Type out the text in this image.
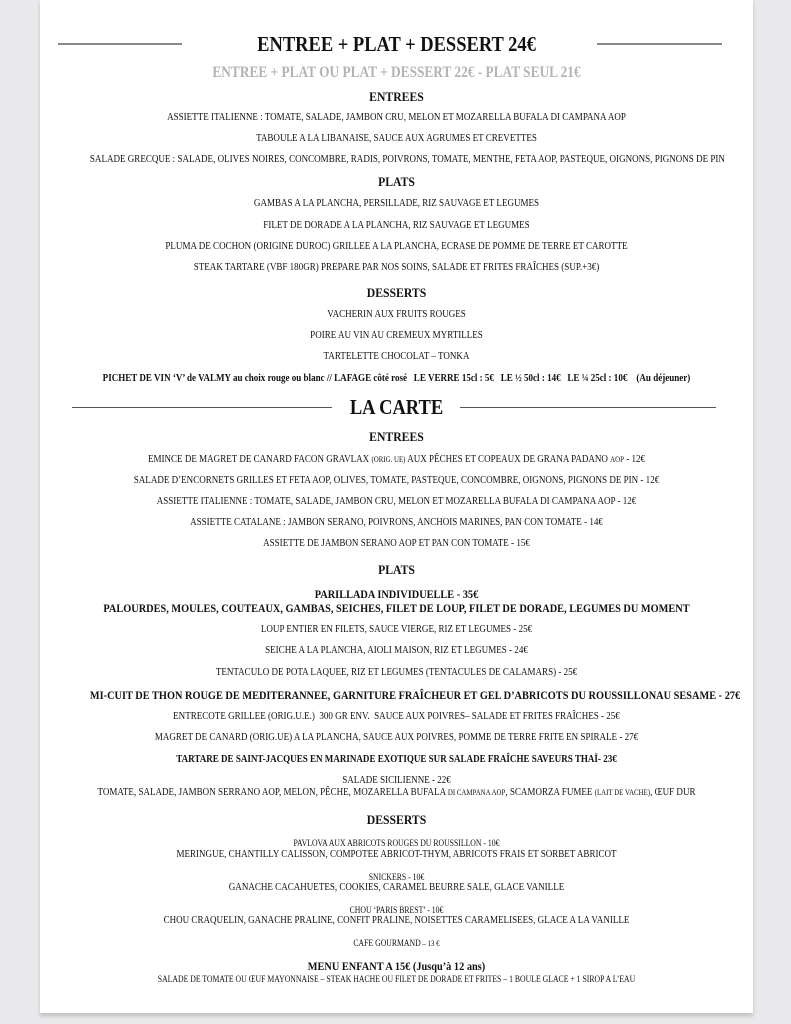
ENTREE + PLAT + DESSERT 24€
ENTREE + PLAT OU PLAT + DESSERT 22€ - PLAT SEUL 21€
ENTREES
ASSIETTE ITALIENNE : TOMATE, SALADE, JAMBON CRU, MELON ET MOZARELLA BUFALA DI CAMPANA AOP
TABOULE A LA LIBANAISE, SAUCE AUX AGRUMES ET CREVETTES
SALADE GRECQUE : SALADE, OLIVES NOIRES, CONCOMBRE, RADIS, POIVRONS, TOMATE, MENTHE, FETA AOP, PASTEQUE, OIGNONS, PIGNONS DE PIN
PLATS
GAMBAS A LA PLANCHA, PERSILLADE, RIZ SAUVAGE ET LEGUMES
FILET DE DORADE A LA PLANCHA, RIZ SAUVAGE ET LEGUMES
PLUMA DE COCHON (ORIGINE DUROC) GRILLEE A LA PLANCHA, ECRASE DE POMME DE TERRE ET CAROTTE
STEAK TARTARE (VBF 180GR) PREPARE PAR NOS SOINS, SALADE ET FRITES FRAÎCHES (SUP.+3€)
DESSERTS
VACHERIN AUX FRUITS ROUGES
POIRE AU VIN AU CREMEUX MYRTILLES
TARTELETTE CHOCOLAT – TONKA
PICHET DE VIN ‘V’ de VALMY au choix rouge ou blanc // LAFAGE côté rosé   LE VERRE 15cl : 5€   LE ½ 50cl : 14€   LE ¼ 25cl : 10€    (Au déjeuner)
LA CARTE
ENTREES
EMINCE DE MAGRET DE CANARD FACON GRAVLAX (ORIG. UE) AUX PÊCHES ET COPEAUX DE GRANA PADANO AOP - 12€
SALADE D’ENCORNETS GRILLES ET FETA AOP, OLIVES, TOMATE, PASTEQUE, CONCOMBRE, OIGNONS, PIGNONS DE PIN - 12€
ASSIETTE ITALIENNE : TOMATE, SALADE, JAMBON CRU, MELON ET MOZARELLA BUFALA DI CAMPANA AOP - 12€
ASSIETTE CATALANE : JAMBON SERANO, POIVRONS, ANCHOIS MARINES, PAN CON TOMATE - 14€
ASSIETTE DE JAMBON SERANO AOP ET PAN CON TOMATE - 15€
PLATS
PARILLADA INDIVIDUELLE - 35€
PALOURDES, MOULES, COUTEAUX, GAMBAS, SEICHES, FILET DE LOUP, FILET DE DORADE, LEGUMES DU MOMENT
LOUP ENTIER EN FILETS, SAUCE VIERGE, RIZ ET LEGUMES - 25€
SEICHE A LA PLANCHA, AIOLI MAISON, RIZ ET LEGUMES - 24€
TENTACULO DE POTA LAQUEE, RIZ ET LEGUMES (TENTACULES DE CALAMARS) - 25€
MI-CUIT DE THON ROUGE DE MEDITERANNEE, GARNITURE FRAÎCHEUR ET GEL D’ABRICOTS DU ROUSSILLONAU SESAME - 27€
ENTRECOTE GRILLEE (ORIG.U.E.)  300 GR ENV.  SAUCE AUX POIVRES– SALADE ET FRITES FRAÎCHES - 25€
MAGRET DE CANARD (ORIG.UE) A LA PLANCHA, SAUCE AUX POIVRES, POMME DE TERRE FRITE EN SPIRALE - 27€
TARTARE DE SAINT-JACQUES EN MARINADE EXOTIQUE SUR SALADE FRAÎCHE SAVEURS THAÏ- 23€
SALADE SICILIENNE - 22€
TOMATE, SALADE, JAMBON SERRANO AOP, MELON, PÊCHE, MOZARELLA BUFALA DI CAMPANA AOP, SCAMORZA FUMEE (LAIT DE VACHE), ŒUF DUR
DESSERTS
PAVLOVA AUX ABRICOTS ROUGES DU ROUSSILLON - 10€
MERINGUE, CHANTILLY CALISSON, COMPOTEE ABRICOT-THYM, ABRICOTS FRAIS ET SORBET ABRICOT
SNICKERS - 10€
GANACHE CACAHUETES, COOKIES, CARAMEL BEURRE SALE, GLACE VANILLE
CHOU ‘PARIS BREST’ - 10€
CHOU CRAQUELIN, GANACHE PRALINE, CONFIT PRALINE, NOISETTES CARAMELISEES, GLACE A LA VANILLE
CAFE GOURMAND – 13 €
MENU ENFANT A 15€ (Jusqu’à 12 ans)
SALADE DE TOMATE OU ŒUF MAYONNAISE – STEAK HACHE OU FILET DE DORADE ET FRITES – 1 BOULE GLACE + 1 SIROP A L’EAU
